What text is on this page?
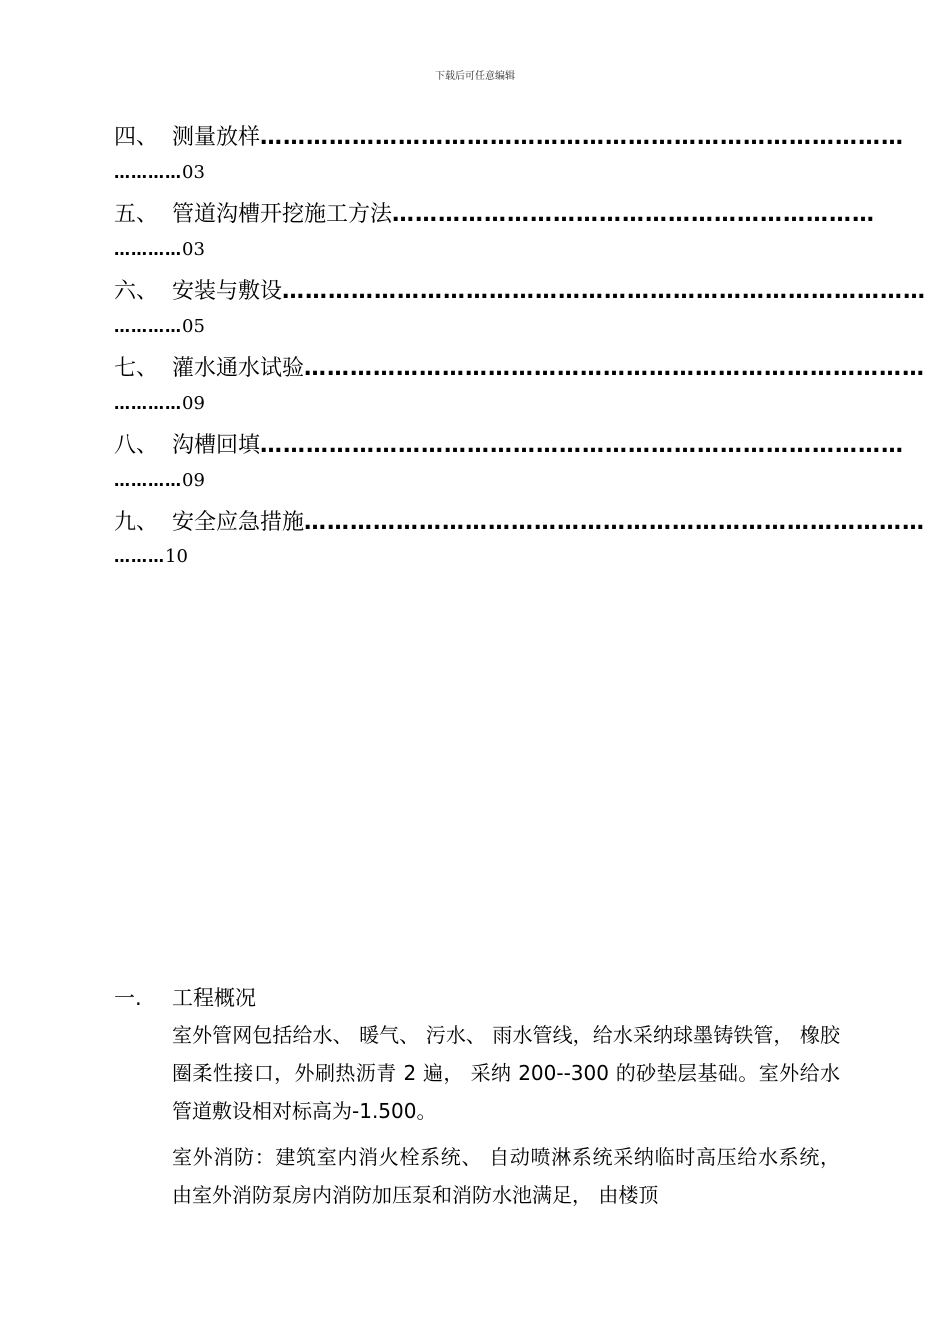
下载后可任意编辑
四、 测量放样…………………………………………………………………………
…………03
五、 管道沟槽开挖施工方法………………………………………………………
…………03
六、 安装与敷设…………………………………………………………………………
…………05
七、 灌水通水试验………………………………………………………………………
…………09
八、 沟槽回填…………………………………………………………………………
…………09
九、 安全应急措施………………………………………………………………………
………10
一. 工程概况
室外管网包括给水、 暖气、 污水、 雨水管线，给水采纳球墨铸铁管， 橡胶圈柔性接口，外刷热沥青 2 遍， 采纳 200--300 的砂垫层基础。室外给水管道敷设相对标高为-1.500。
室外消防：建筑室内消火栓系统、 自动喷淋系统采纳临时高压给水系统， 由室外消防泵房内消防加压泵和消防水池满足， 由楼顶
